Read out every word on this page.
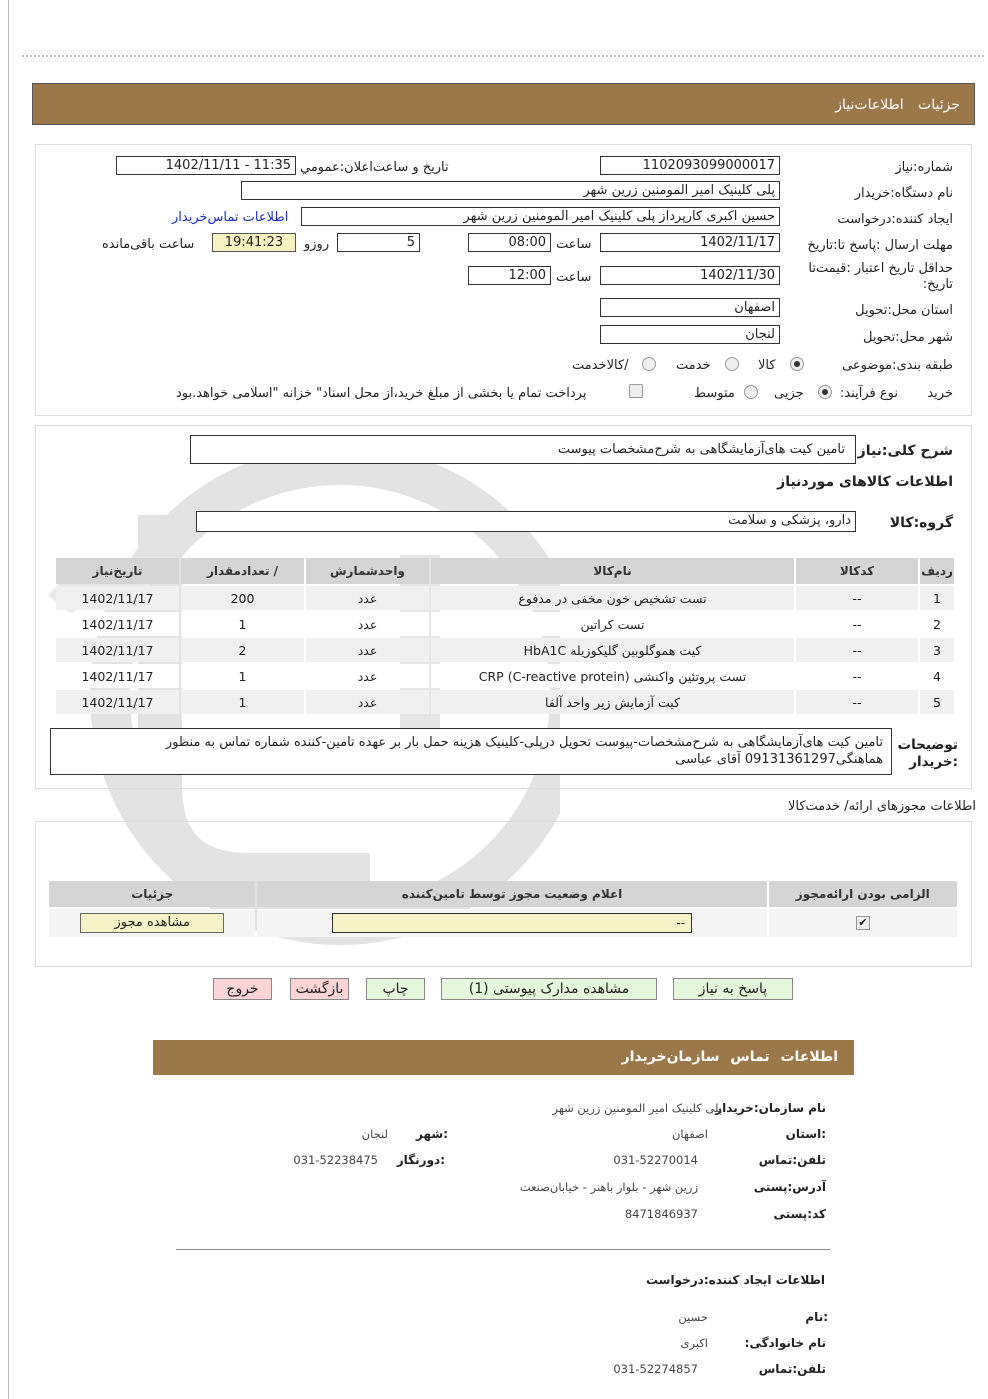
جزئیات اطلاعات‌نیاز
شماره:نیاز
1102093099000017
تاریخ و ساعت‌اعلان:عمومي
1402/11/11 - 11:35
نام دستگاه:خریدار
پلی کلینیک امیر المومنین زرین شهر
ایجاد کننده:درخواست
حسین اکبری کارپرداز پلی کلینیک امیر المومنین زرین شهر
اطلاعات تماس‌خریدار
مهلت ارسال :پاسخ تا:تاریخ
1402/11/17
ساعت
08:00
5
روزو
19:41:23
ساعت باقی‌مانده
حداقل تاریخ اعتبار :قیمت‌تا تاریخ:
1402/11/30
ساعت
12:00
استان محل:تحویل
اصفهان
شهر محل:تحویل
لنجان
طبقه بندی:موضوعی
کالا
خدمت
/کالاخدمت
نوع فرآیند: خرید
جزیی
متوسط
پرداخت تمام یا بخشی از مبلغ خرید،از محل اسناد" خزانه "اسلامی خواهد.بود
شرح کلی:نیاز
تامین کیت های‌آزمایشگاهی به شرح‌مشخصات پیوست
اطلاعات کالاهای موردنیاز
گروه:کالا
دارو، پزشکی و سلامت
ردیف	کدکالا	نام‌کالا	واحدشمارش	/ تعدادمقدار	تاریخ‌نیاز
1	--	تست تشخیص خون مخفی در مدفوع	عدد	200	1402/11/17
2	--	تست کراتین	عدد	1	1402/11/17
3	--	کیت هموگلوبین گلیکوزیله HbA1C	عدد	2	1402/11/17
4	--	تست پروتئین واکنشی (CRP (C-reactive protein	عدد	1	1402/11/17
5	--	کیت آزمایش زیر واحد آلفا	عدد	1	1402/11/17
توضیحات :خریدار
تامین کیت های‌آزمایشگاهی به شرح‌مشخصات-پیوست تحویل درپلی-کلینیک هزینه حمل بار بر عهده تامین-کننده شماره تماس به منظور هماهنگی09131361297 آقای عباسی
اطلاعات مجوزهای ارائه/ خدمت‌کالا
الزامی بودن ارائه‌مجوز	اعلام وضعیت مجوز توسط تامین‌کننده	جزئیات

✔	--	مشاهده مجوز
پاسخ به نیاز
مشاهده مدارک پیوستی (1)
چاپ
بازگشت
خروج
اطلاعات تماس سازمان‌خریدار
نام سازمان:خریدار
پلی کلینیک امیر المومنین زرین شهر
:استان
اصفهان
:شهر
لنجان
تلفن:تماس
031-52270014
:دورنگار
031-52238475
آدرس:پستی
زرین شهر - بلوار باهنر - خیابان‌صنعت
کد:پستی
8471846937
اطلاعات ایجاد کننده:درخواست
:نام
حسین
نام خانوادگی:
اکبری
تلفن:تماس
031-52274857
